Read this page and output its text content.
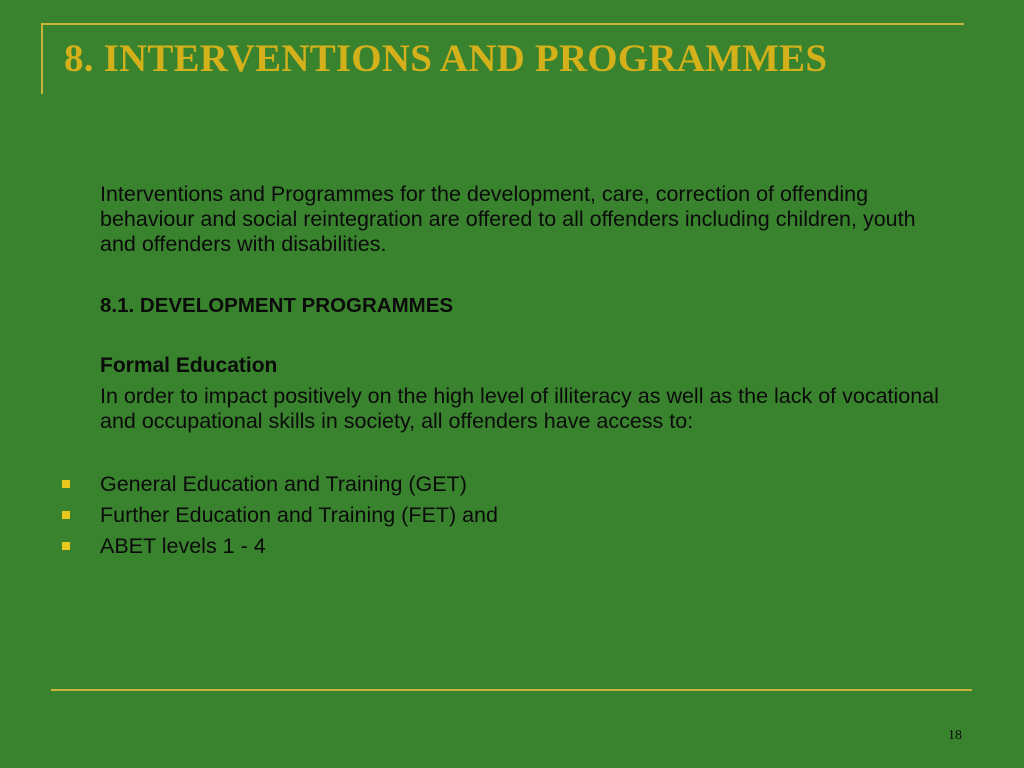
8. INTERVENTIONS AND PROGRAMMES

Interventions and Programmes for the development, care, correction of offending behaviour and social reintegration are offered to all offenders including children, youth and offenders with disabilities.

8.1. DEVELOPMENT PROGRAMMES

Formal Education

In order to impact positively on the high level of illiteracy as well as the lack of vocational and occupational skills in society, all offenders have access to:

General Education and Training (GET)
Further Education and Training (FET) and
ABET levels 1 - 4
18
